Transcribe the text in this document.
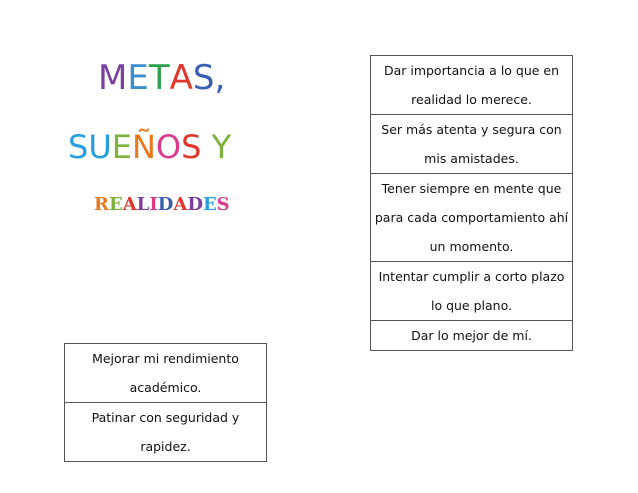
METAS,
SUEÑOS Y
REALIDADES
Dar importancia a lo que en
realidad lo merece.

Ser más atenta y segura con
mis amistades.

Tener siempre en mente que
para cada comportamiento ahí
un momento.

Intentar cumplir a corto plazo
lo que plano.

Dar lo mejor de mí.
Mejorar mi rendimiento
académico.

Patinar con seguridad y rapidez.
